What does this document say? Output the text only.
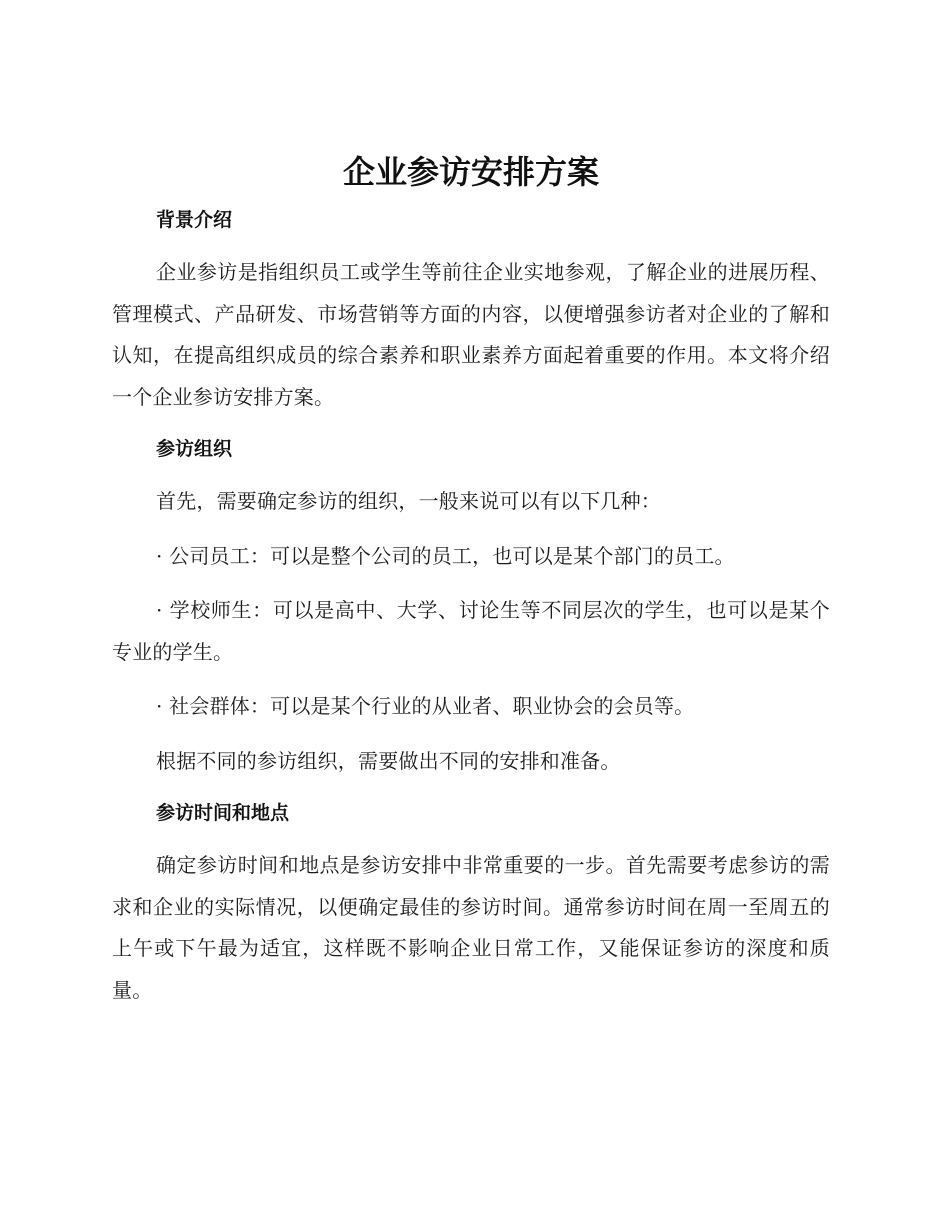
企业参访安排方案
背景介绍

企业参访是指组织员工或学生等前往企业实地参观，了解企业的进展历程、管理模式、产品研发、市场营销等方面的内容，以便增强参访者对企业的了解和认知，在提高组织成员的综合素养和职业素养方面起着重要的作用。本文将介绍一个企业参访安排方案。

参访组织

首先，需要确定参访的组织，一般来说可以有以下几种：

· 公司员工：可以是整个公司的员工，也可以是某个部门的员工。

· 学校师生：可以是高中、大学、讨论生等不同层次的学生，也可以是某个专业的学生。

· 社会群体：可以是某个行业的从业者、职业协会的会员等。

根据不同的参访组织，需要做出不同的安排和准备。

参访时间和地点

确定参访时间和地点是参访安排中非常重要的一步。首先需要考虑参访的需求和企业的实际情况，以便确定最佳的参访时间。通常参访时间在周一至周五的上午或下午最为适宜，这样既不影响企业日常工作，又能保证参访的深度和质量。
